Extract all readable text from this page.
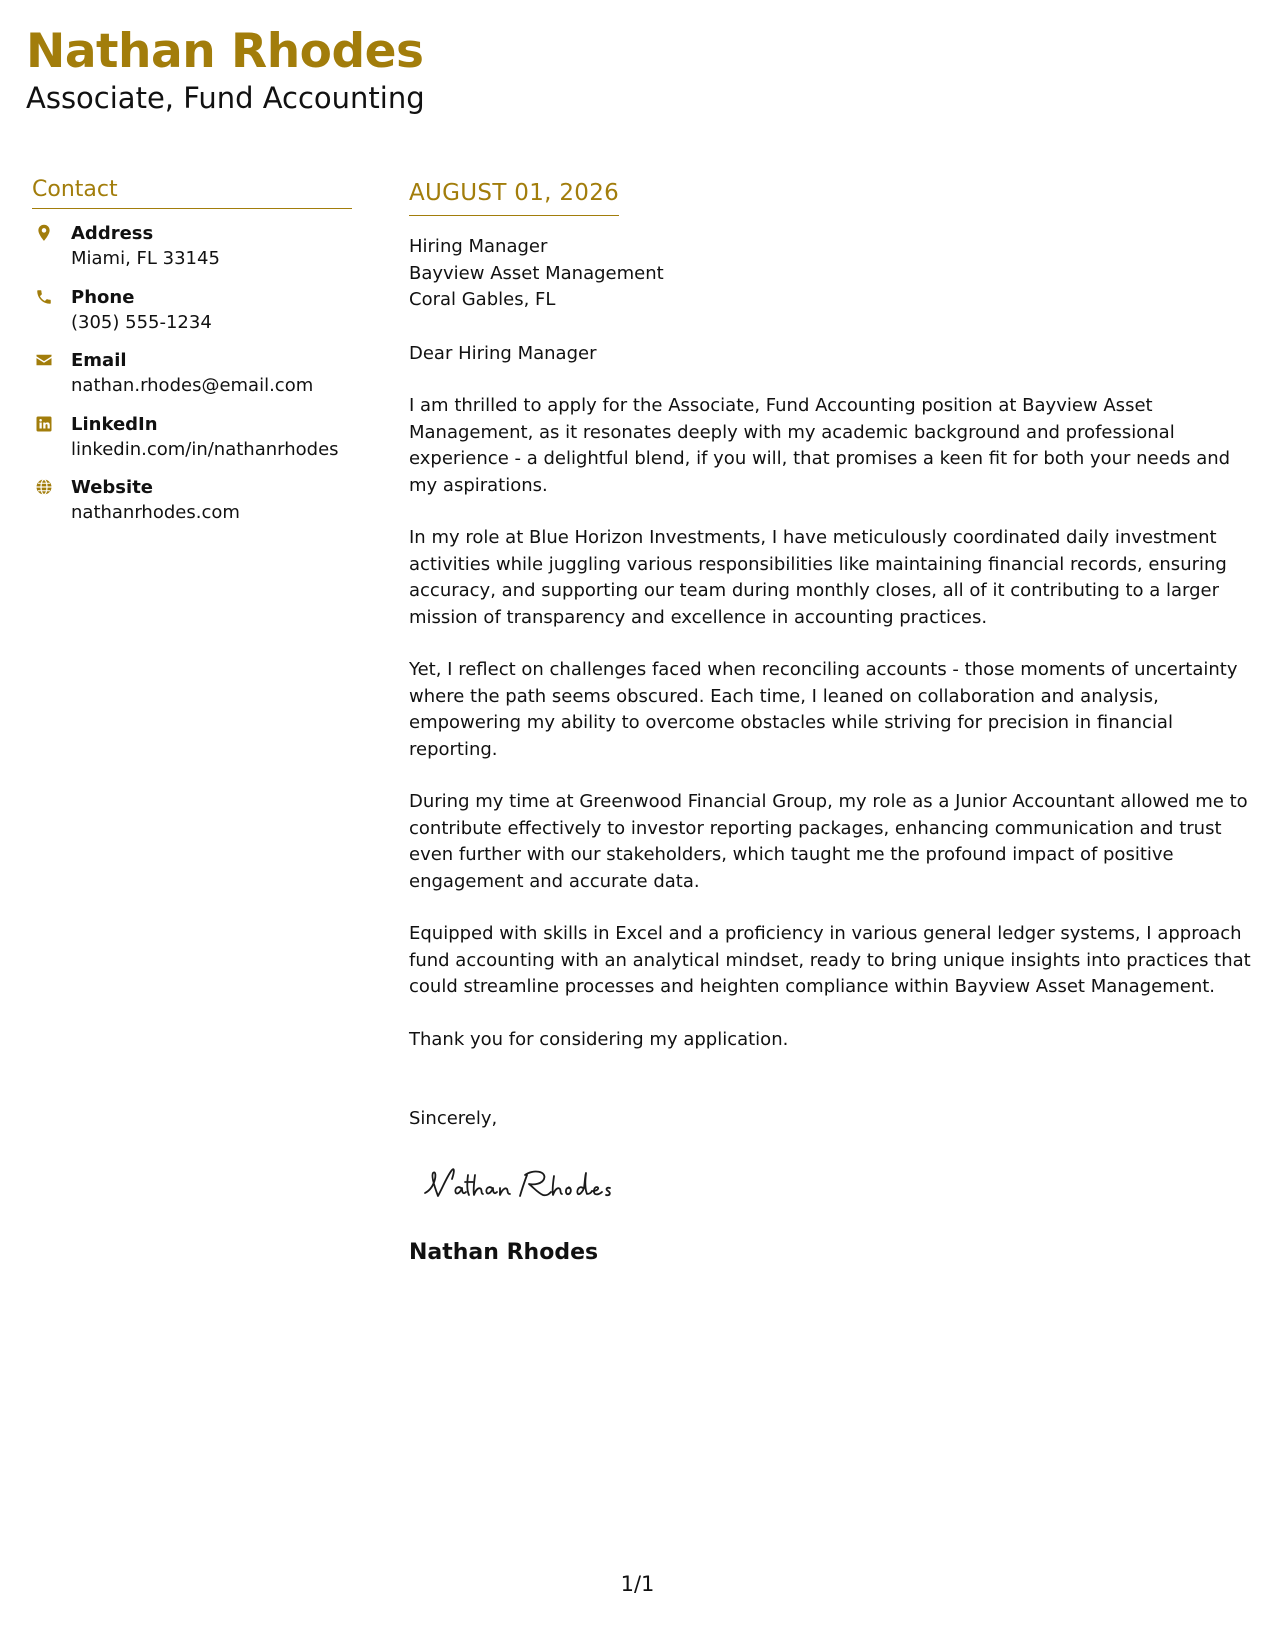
Nathan Rhodes
Associate, Fund Accounting
Contact
Address
Miami, FL 33145
Phone
(305) 555-1234
Email
nathan.rhodes@email.com
LinkedIn
linkedin.com/in/nathanrhodes
Website
nathanrhodes.com
AUGUST 01, 2026
Hiring Manager
Bayview Asset Management
Coral Gables, FL
Dear Hiring Manager

I am thrilled to apply for the Associate, Fund Accounting position at Bayview Asset Management, as it resonates deeply with my academic background and professional experience - a delightful blend, if you will, that promises a keen fit for both your needs and my aspirations.

In my role at Blue Horizon Investments, I have meticulously coordinated daily investment activities while juggling various responsibilities like maintaining financial records, ensuring accuracy, and supporting our team during monthly closes, all of it contributing to a larger mission of transparency and excellence in accounting practices.

Yet, I reflect on challenges faced when reconciling accounts - those moments of uncertainty where the path seems obscured. Each time, I leaned on collaboration and analysis, empowering my ability to overcome obstacles while striving for precision in financial reporting.

During my time at Greenwood Financial Group, my role as a Junior Accountant allowed me to contribute effectively to investor reporting packages, enhancing communication and trust even further with our stakeholders, which taught me the profound impact of positive engagement and accurate data.

Equipped with skills in Excel and a proficiency in various general ledger systems, I approach fund accounting with an analytical mindset, ready to bring unique insights into practices that could streamline processes and heighten compliance within Bayview Asset Management.

Thank you for considering my application.

Sincerely,
Nathan Rhodes
1/1
